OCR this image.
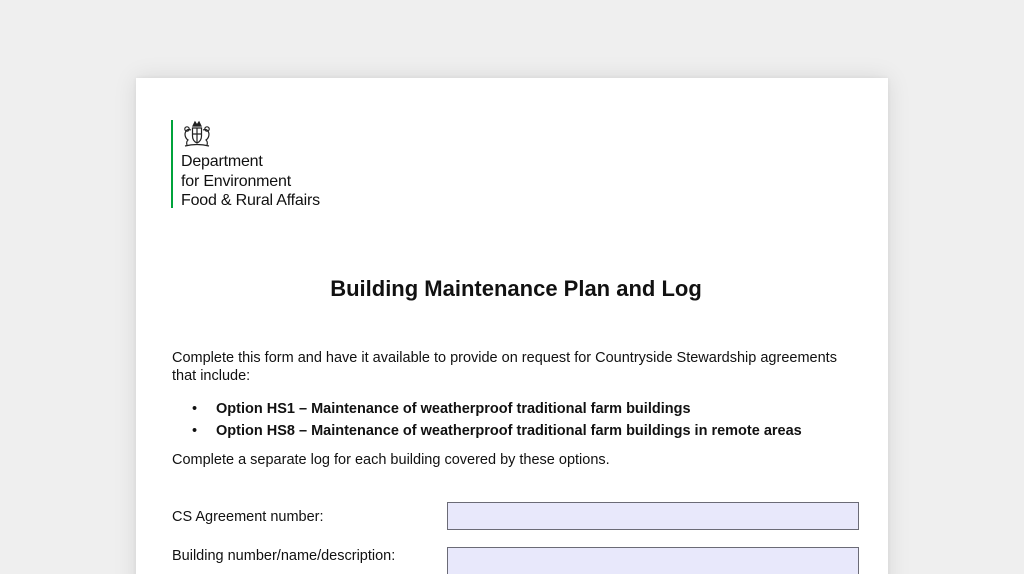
Department
for Environment
Food & Rural Affairs
Building Maintenance Plan and Log
Complete this form and have it available to provide on request for Countryside Stewardship agreements that include:
• Option HS1 – Maintenance of weatherproof traditional farm buildings
• Option HS8 – Maintenance of weatherproof traditional farm buildings in remote areas
Complete a separate log for each building covered by these options.
CS Agreement number:
Building number/name/description:
